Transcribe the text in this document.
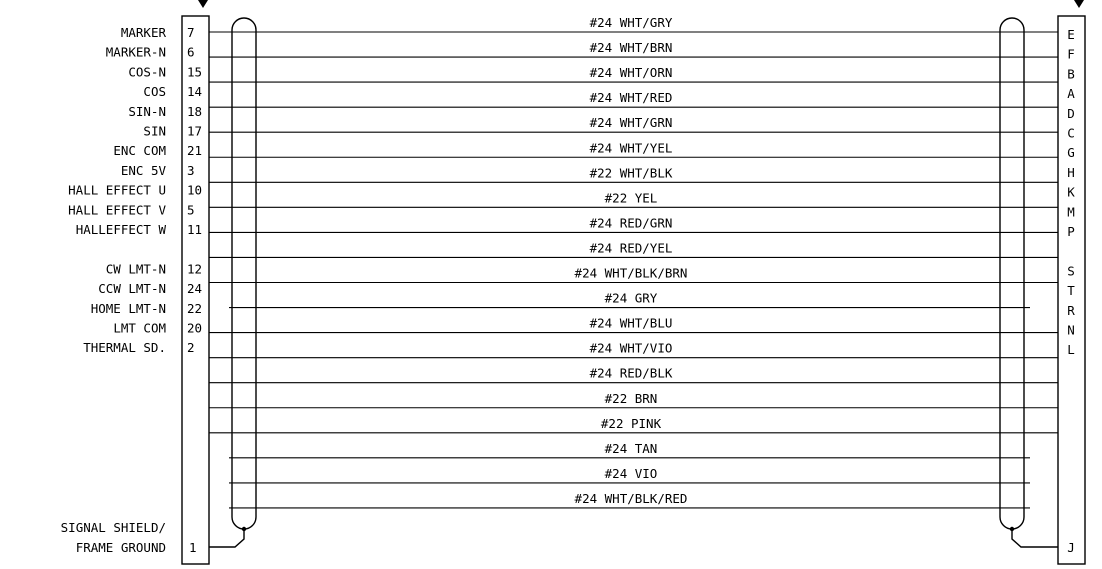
MARKER
MARKER-N
COS-N
COS
SIN-N
SIN
ENC COM
ENC 5V
HALL EFFECT U
HALL EFFECT V
HALLEFFECT W
CW LMT-N
CCW LMT-N
HOME LMT-N
LMT COM
THERMAL SD.
7
6
15
14
18
17
21
3
10
5
11
12
24
22
20
2
E
F
B
A
D
C
G
H
K
M
P
S
T
R
N
L
#24 WHT/GRY
#24 WHT/BRN
#24 WHT/ORN
#24 WHT/RED
#24 WHT/GRN
#24 WHT/YEL
#22 WHT/BLK
#22 YEL
#24 RED/GRN
#24 RED/YEL
#24 WHT/BLK/BRN
#24 GRY
#24 WHT/BLU
#24 WHT/VIO
#24 RED/BLK
#22 BRN
#22 PINK
#24 TAN
#24 VIO
#24 WHT/BLK/RED
SIGNAL SHIELD/
FRAME GROUND 1	J
